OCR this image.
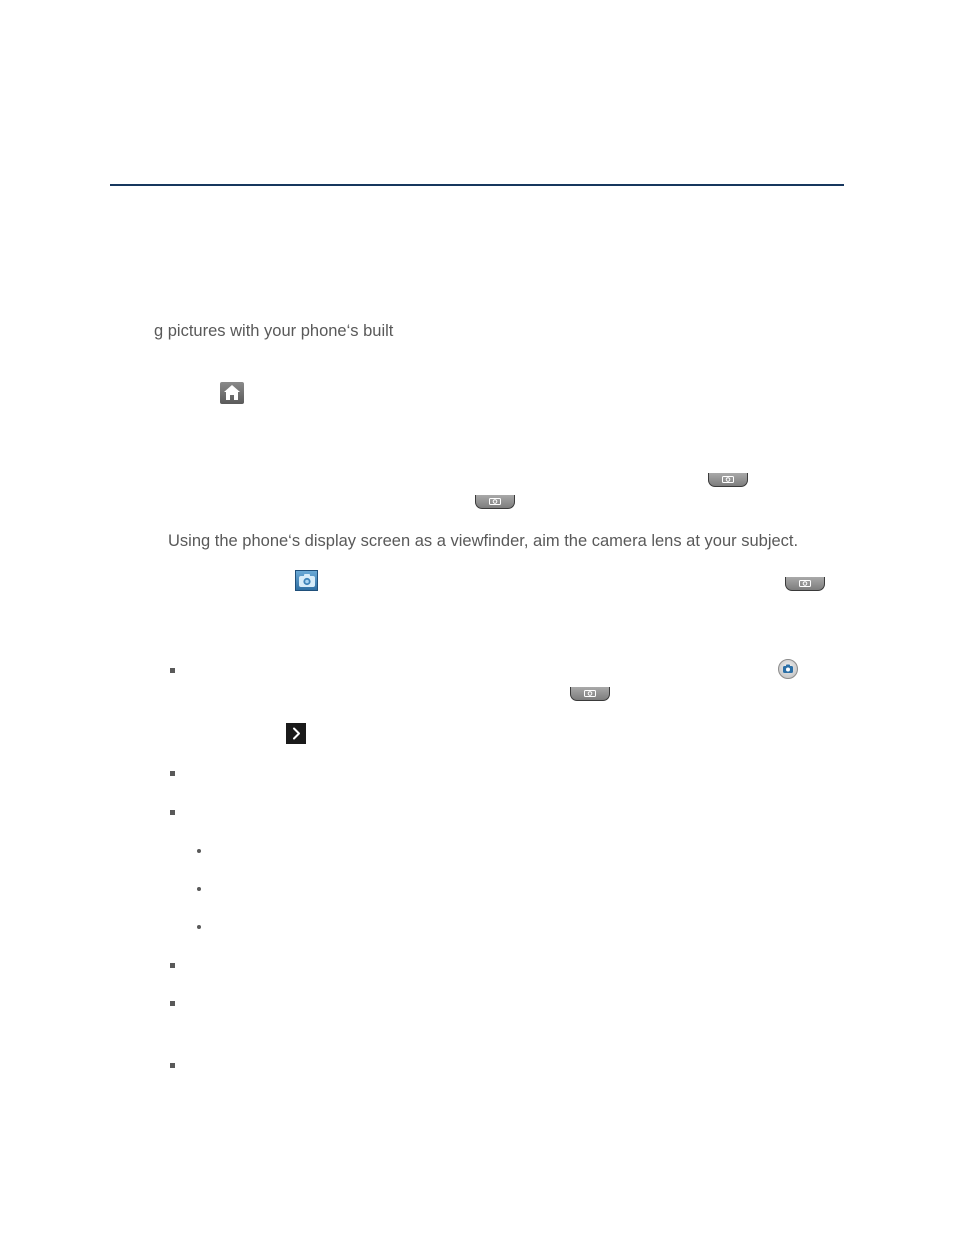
g pictures with your phone‘s built
Using the phone‘s display screen as a viewfinder, aim the camera lens at your subject.
